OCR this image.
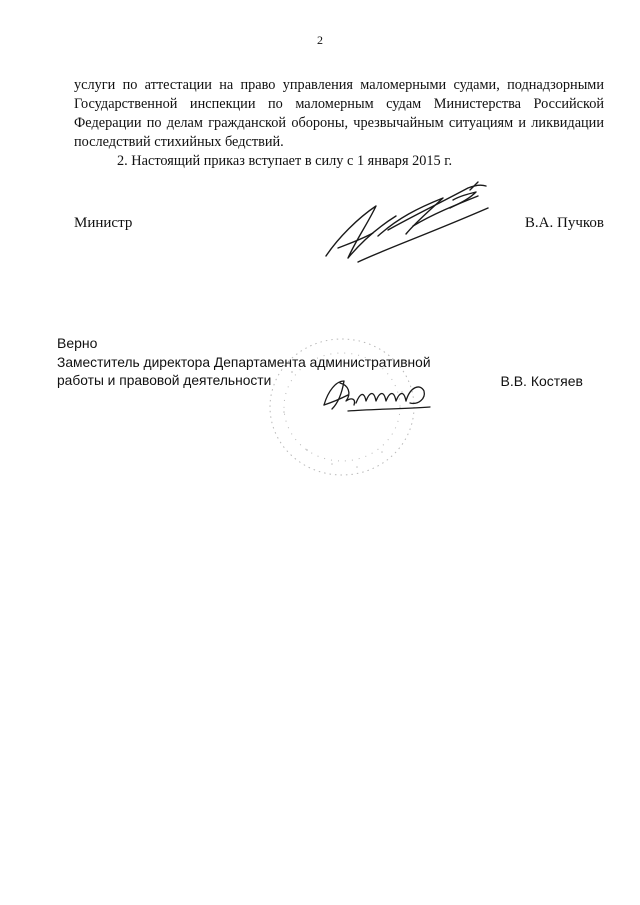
2

услуги по аттестации на право управления маломерными судами, поднадзорными Государственной инспекции по маломерным судам Министерства Российской Федерации по делам гражданской обороны, чрезвычайным ситуациям и ликвидации последствий стихийных бедствий.

2. Настоящий приказ вступает в силу с 1 января 2015 г.

Министр	В.А. Пучков
Верно
Заместитель директора Департамента административной
работы и правовой деятельности	В.В. Костяев
